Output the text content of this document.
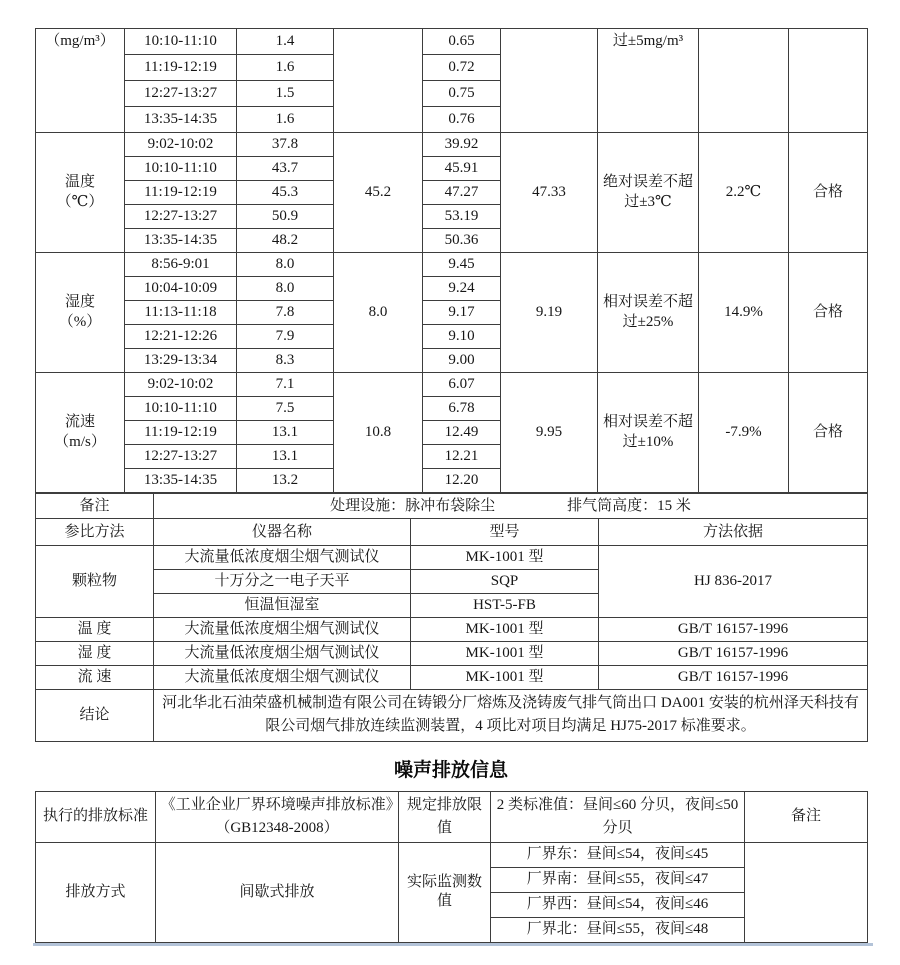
（mg/m³）	10:10-11:10	1.4		0.65		过±5mg/m³		
	11:19-12:19	1.6		0.72				
	12:27-13:27	1.5		0.75				
	13:35-14:35	1.6		0.76				

温度
（℃）	9:02-10:02	37.8	45.2	39.92	47.33	绝对误差不超过±3℃	2.2℃	合格
	10:10-11:10	43.7		45.91				
	11:19-12:19	45.3		47.27				
	12:27-13:27	50.9		53.19				
	13:35-14:35	48.2		50.36				

湿度
（%）	8:56-9:01	8.0	8.0	9.45	9.19	相对误差不超过±25%	14.9%	合格
	10:04-10:09	8.0		9.24				
	11:13-11:18	7.8		9.17				
	12:21-12:26	7.9		9.10				
	13:29-13:34	8.3		9.00				

流速
（m/s）	9:02-10:02	7.1	10.8	6.07	9.95	相对误差不超过±10%	-7.9%	合格
	10:10-11:10	7.5		6.78				
	11:19-12:19	13.1		12.49				
	12:27-13:27	13.1		12.21				
	13:35-14:35	13.2		12.20				
备注	处理设施：脉冲布袋除尘 排气筒高度：15 米		

参比方法	仪器名称	型号	方法依据
颗粒物	大流量低浓度烟尘烟气测试仪	MK-1001 型	HJ 836-2017
	十万分之一电子天平	SQP	
	恒温恒湿室	HST-5-FB	
温 度	大流量低浓度烟尘烟气测试仪	MK-1001 型	GB/T 16157-1996
湿 度	大流量低浓度烟尘烟气测试仪	MK-1001 型	GB/T 16157-1996
流 速	大流量低浓度烟尘烟气测试仪	MK-1001 型	GB/T 16157-1996
结论	河北华北石油荣盛机械制造有限公司在铸锻分厂熔炼及浇铸废气排气筒出口 DA001 安装的杭州泽天科技有限公司烟气排放连续监测装置，4 项比对项目均满足 HJ75-2017 标准要求。		
噪声排放信息
执行的排放标准	《工业企业厂界环境噪声排放标准》（GB12348-2008）	规定排放限值	2 类标准值：昼间≤60 分贝，夜间≤50 分贝	备注
排放方式	间歇式排放	实际监测数值	厂界东：昼间≤54，夜间≤45	
			厂界南：昼间≤55，夜间≤47	
			厂界西：昼间≤54，夜间≤46	
			厂界北：昼间≤55，夜间≤48	
